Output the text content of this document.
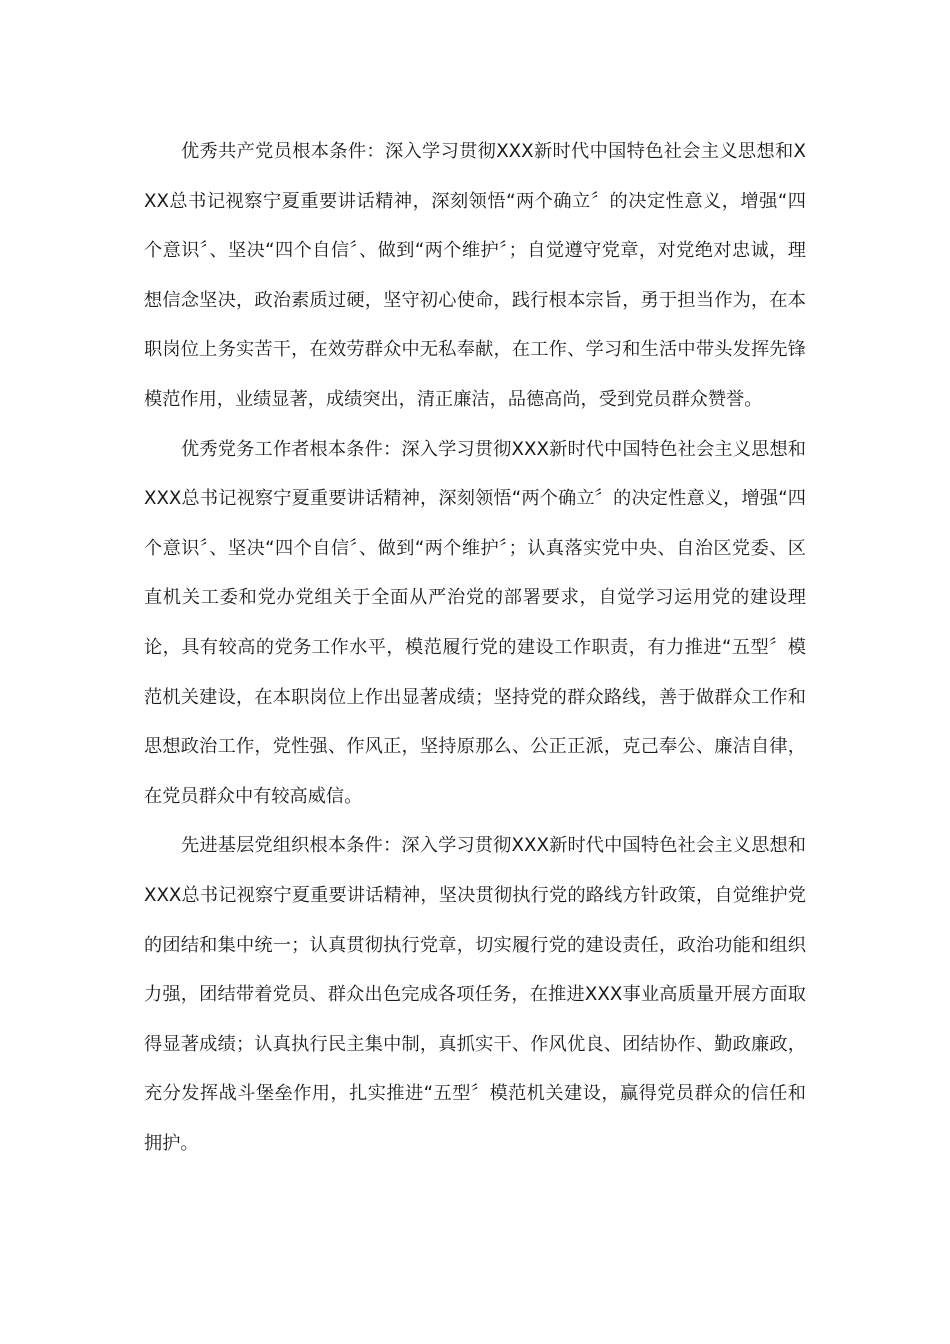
优秀共产党员根本条件：深入学习贯彻XXX新时代中国特色社会主义思想和XXX总书记视察宁夏重要讲话精神，深刻领悟“两个确立〞的决定性意义，增强“四个意识〞、坚决“四个自信〞、做到“两个维护〞；自觉遵守党章，对党绝对忠诚，理想信念坚决，政治素质过硬，坚守初心使命，践行根本宗旨，勇于担当作为，在本职岗位上务实苦干，在效劳群众中无私奉献，在工作、学习和生活中带头发挥先锋模范作用，业绩显著，成绩突出，清正廉洁，品德高尚，受到党员群众赞誉。

优秀党务工作者根本条件：深入学习贯彻XXX新时代中国特色社会主义思想和XXX总书记视察宁夏重要讲话精神，深刻领悟“两个确立〞的决定性意义，增强“四个意识〞、坚决“四个自信〞、做到“两个维护〞；认真落实党中央、自治区党委、区直机关工委和党办党组关于全面从严治党的部署要求，自觉学习运用党的建设理论，具有较高的党务工作水平，模范履行党的建设工作职责，有力推进“五型〞模范机关建设，在本职岗位上作出显著成绩；坚持党的群众路线，善于做群众工作和思想政治工作，党性强、作风正，坚持原那么、公正正派，克己奉公、廉洁自律，在党员群众中有较高威信。

先进基层党组织根本条件：深入学习贯彻XXX新时代中国特色社会主义思想和XXX总书记视察宁夏重要讲话精神，坚决贯彻执行党的路线方针政策，自觉维护党的团结和集中统一；认真贯彻执行党章，切实履行党的建设责任，政治功能和组织力强，团结带着党员、群众出色完成各项任务，在推进XXX事业高质量开展方面取得显著成绩；认真执行民主集中制，真抓实干、作风优良、团结协作、勤政廉政，充分发挥战斗堡垒作用，扎实推进“五型〞模范机关建设，赢得党员群众的信任和拥护。
